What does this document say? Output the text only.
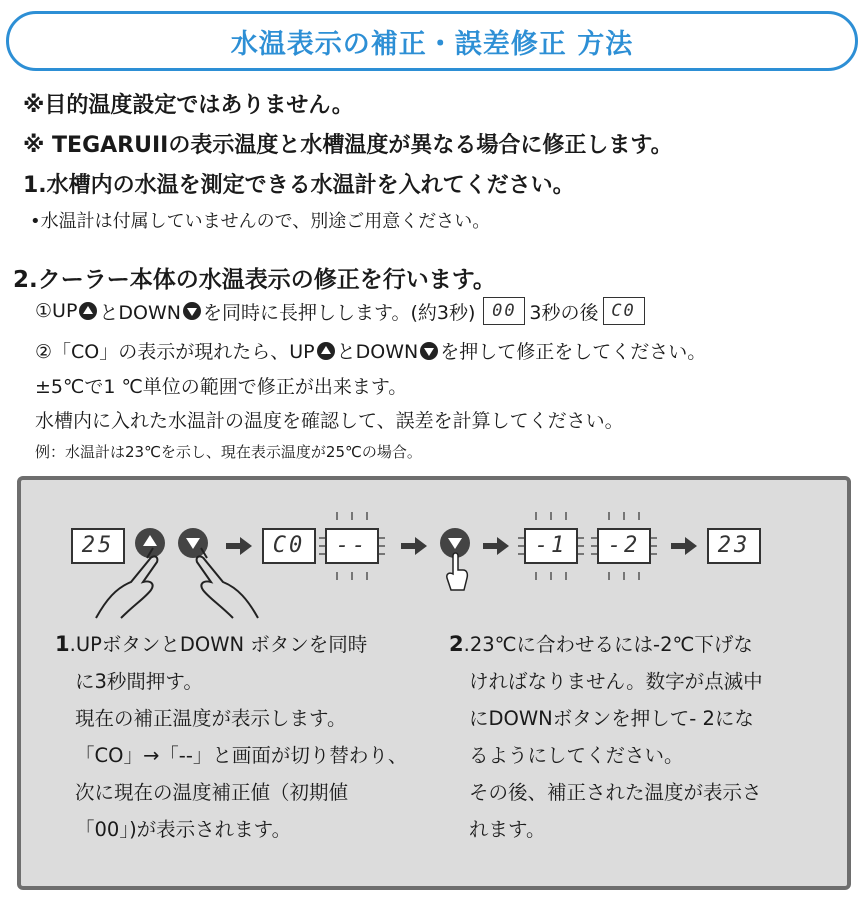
水温表示の補正・誤差修正 方法
※目的温度設定ではありません。
※ TEGARUIIの表示温度と水槽温度が異なる場合に修正します。
1.水槽内の水温を測定できる水温計を入れてください。
•水温計は付属していませんので、別途ご用意ください。
2.クーラー本体の水温表示の修正を行います。
①UP とDOWN を同時に長押しします。(約3秒) 00 3秒の後 C0
②「CO」の表示が現れたら、UP とDOWN を押して修正をしてください。
±5℃で1 ℃単位の範囲で修正が出来ます。
水槽内に入れた水温計の温度を確認して、誤差を計算してください。
例：水温計は23℃を示し、現在表示温度が25℃の場合。
25	C0	--	-1	-2	23
1.UPボタンとDOWN ボタンを同時
に3秒間押す。
現在の補正温度が表示します。
「CO」→「--」と画面が切り替わり、
次に現在の温度補正値（初期値
「00」)が表示されます。
2.23℃に合わせるには-2℃下げな
ければなりません。数字が点滅中
にDOWNボタンを押して- 2にな
るようにしてください。
その後、補正された温度が表示さ
れます。
